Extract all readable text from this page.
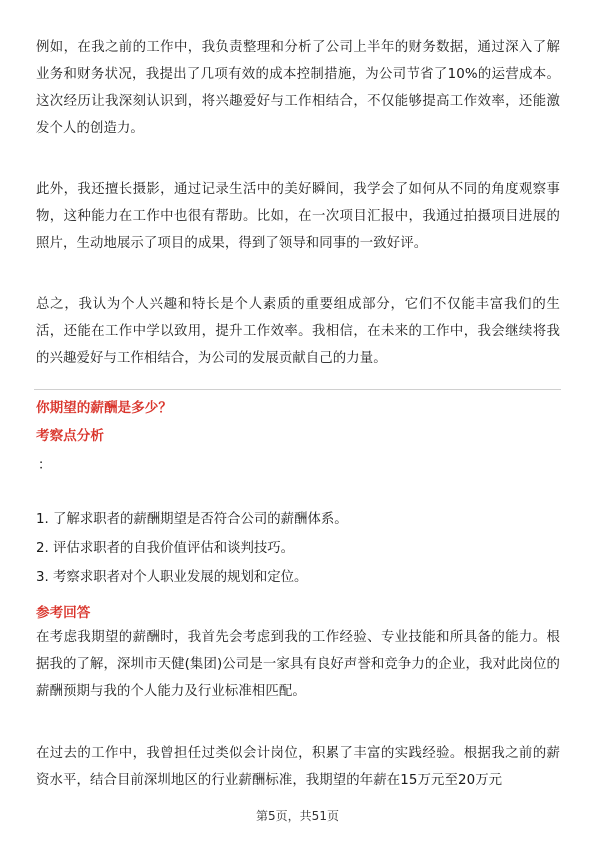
例如，在我之前的工作中，我负责整理和分析了公司上半年的财务数据，通过深入了解业务和财务状况，我提出了几项有效的成本控制措施，为公司节省了10%的运营成本。这次经历让我深刻认识到，将兴趣爱好与工作相结合，不仅能够提高工作效率，还能激发个人的创造力。

此外，我还擅长摄影，通过记录生活中的美好瞬间，我学会了如何从不同的角度观察事物，这种能力在工作中也很有帮助。比如，在一次项目汇报中，我通过拍摄项目进展的照片，生动地展示了项目的成果，得到了领导和同事的一致好评。

总之，我认为个人兴趣和特长是个人素质的重要组成部分，它们不仅能丰富我们的生活，还能在工作中学以致用，提升工作效率。我相信，在未来的工作中，我会继续将我的兴趣爱好与工作相结合，为公司的发展贡献自己的力量。

你期望的薪酬是多少？

考察点分析

：
1. 了解求职者的薪酬期望是否符合公司的薪酬体系。
2. 评估求职者的自我价值评估和谈判技巧。
3. 考察求职者对个人职业发展的规划和定位。

参考回答

在考虑我期望的薪酬时，我首先会考虑到我的工作经验、专业技能和所具备的能力。根据我的了解，深圳市天健(集团)公司是一家具有良好声誉和竞争力的企业，我对此岗位的薪酬预期与我的个人能力及行业标准相匹配。

在过去的工作中，我曾担任过类似会计岗位，积累了丰富的实践经验。根据我之前的薪资水平，结合目前深圳地区的行业薪酬标准，我期望的年薪在15万元至20万元

第5页，共51页
